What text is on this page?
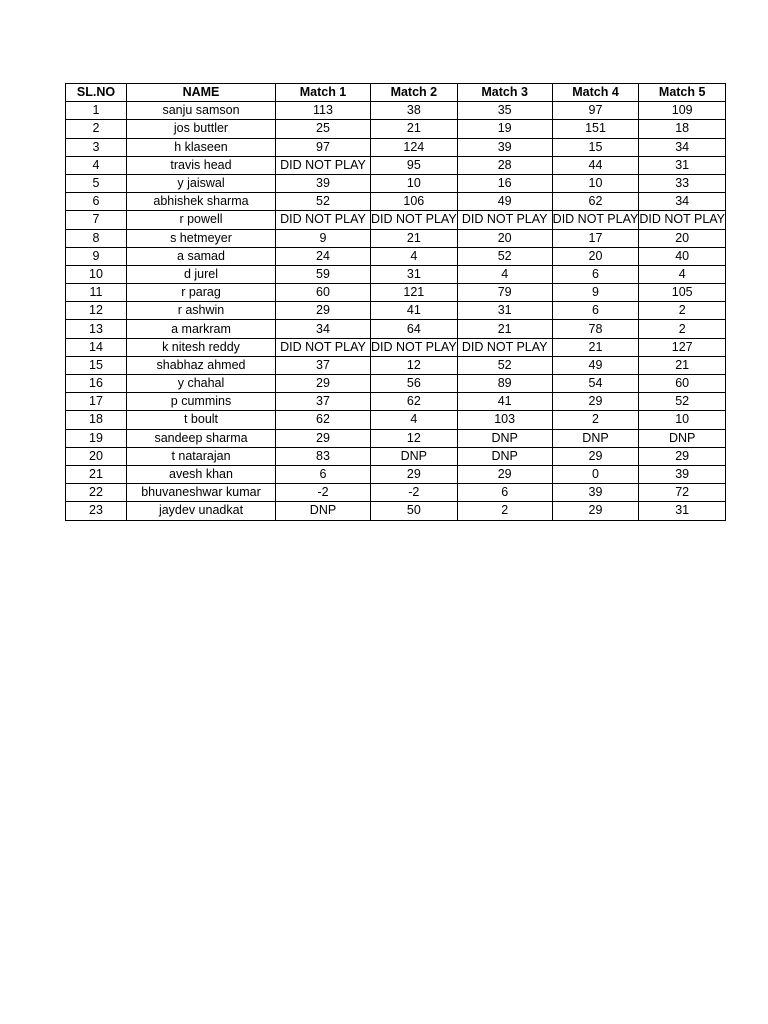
SL.NO	NAME	Match 1	Match 2	Match 3	Match 4	Match 5
1	sanju samson	113	38	35	97	109
2	jos buttler	25	21	19	151	18
3	h klaseen	97	124	39	15	34
4	travis head	DID NOT PLAY	95	28	44	31
5	y jaiswal	39	10	16	10	33
6	abhishek sharma	52	106	49	62	34
7	r powell	DID NOT PLAY	DID NOT PLAY	DID NOT PLAY	DID NOT PLAY	DID NOT PLAY
8	s hetmeyer	9	21	20	17	20
9	a samad	24	4	52	20	40
10	d jurel	59	31	4	6	4
11	r parag	60	121	79	9	105
12	r ashwin	29	41	31	6	2
13	a markram	34	64	21	78	2
14	k nitesh reddy	DID NOT PLAY	DID NOT PLAY	DID NOT PLAY	21	127
15	shabhaz ahmed	37	12	52	49	21
16	y chahal	29	56	89	54	60
17	p cummins	37	62	41	29	52
18	t boult	62	4	103	2	10
19	sandeep sharma	29	12	DNP	DNP	DNP
20	t natarajan	83	DNP	DNP	29	29
21	avesh khan	6	29	29	0	39
22	bhuvaneshwar kumar	-2	-2	6	39	72
23	jaydev unadkat	DNP	50	2	29	31
